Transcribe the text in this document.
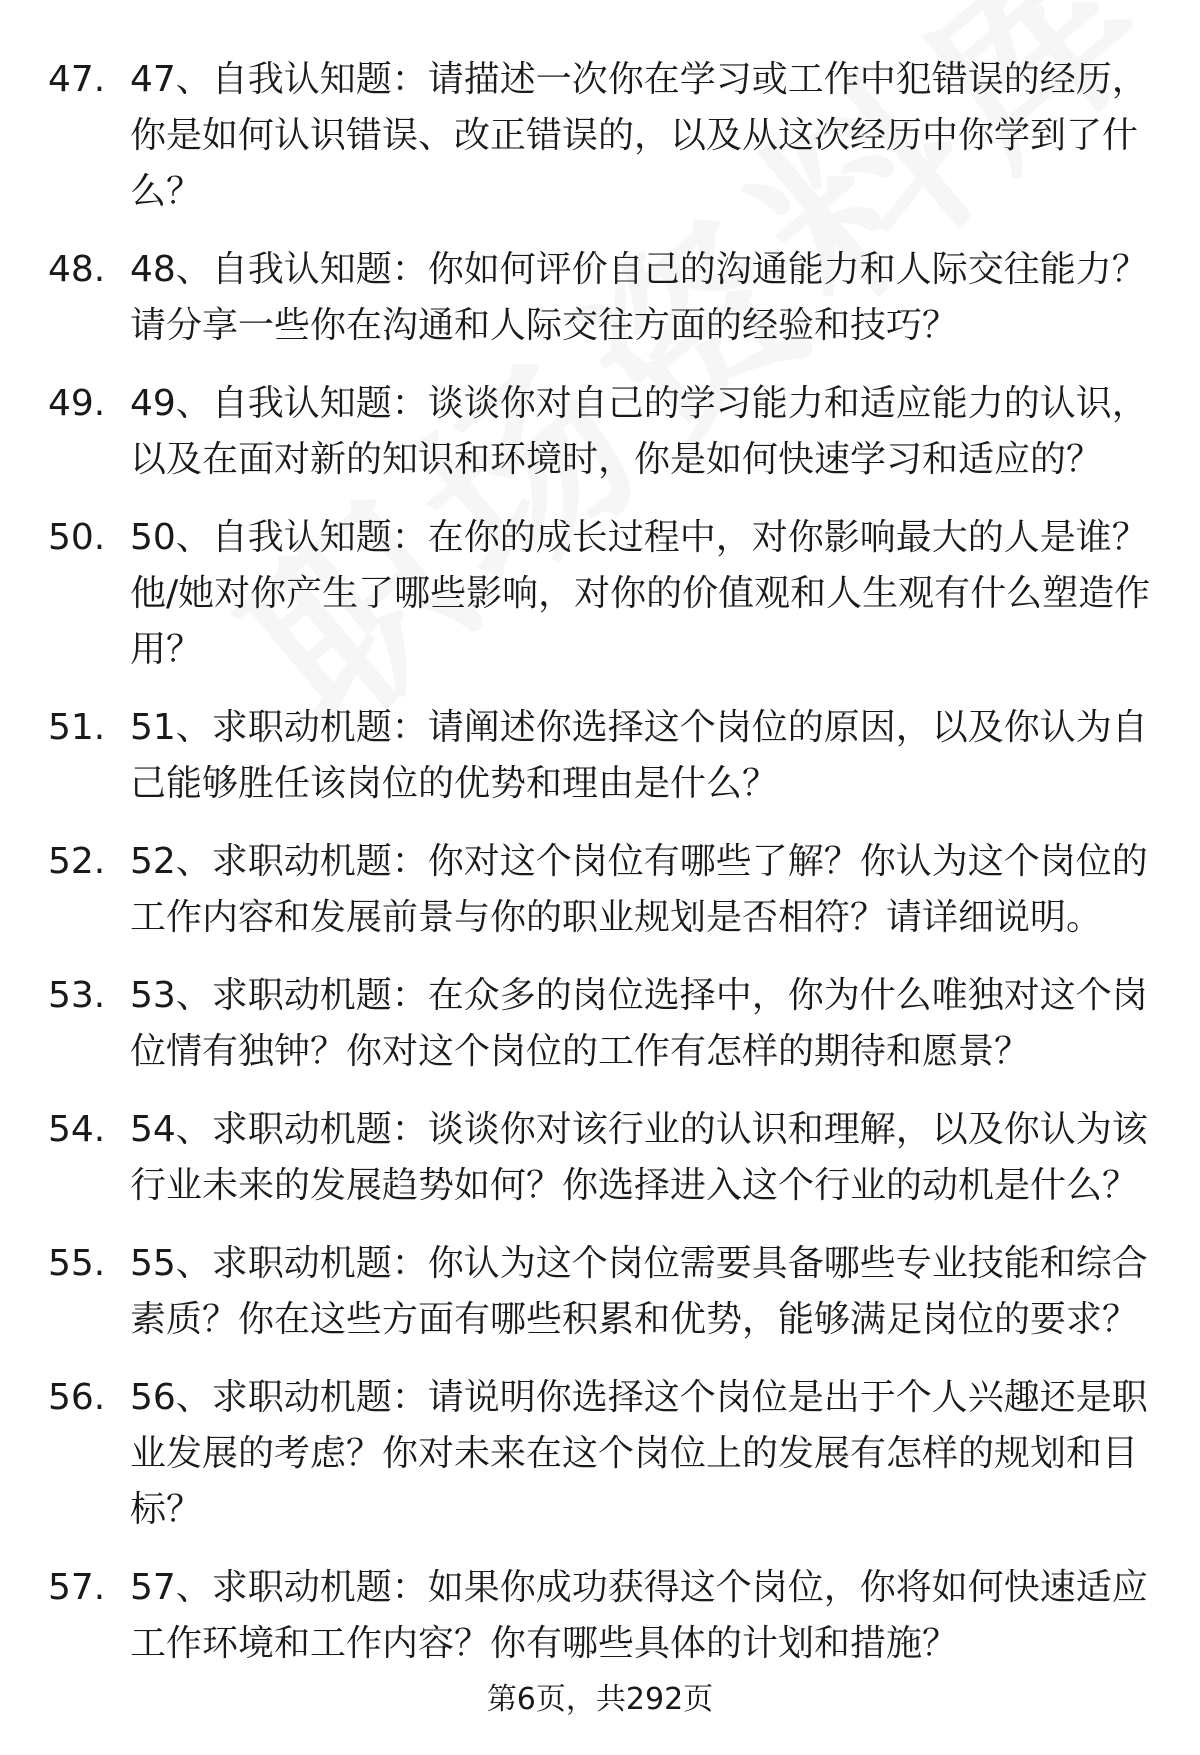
47. 47、自我认知题：请描述一次你在学习或工作中犯错误的经历，你是如何认识错误、改正错误的，以及从这次经历中你学到了什么？
48. 48、自我认知题：你如何评价自己的沟通能力和人际交往能力？请分享一些你在沟通和人际交往方面的经验和技巧？
49. 49、自我认知题：谈谈你对自己的学习能力和适应能力的认识，以及在面对新的知识和环境时，你是如何快速学习和适应的？
50. 50、自我认知题：在你的成长过程中，对你影响最大的人是谁？他/她对你产生了哪些影响，对你的价值观和人生观有什么塑造作用？
51. 51、求职动机题：请阐述你选择这个岗位的原因，以及你认为自己能够胜任该岗位的优势和理由是什么？
52. 52、求职动机题：你对这个岗位有哪些了解？你认为这个岗位的工作内容和发展前景与你的职业规划是否相符？请详细说明。
53. 53、求职动机题：在众多的岗位选择中，你为什么唯独对这个岗位情有独钟？你对这个岗位的工作有怎样的期待和愿景？
54. 54、求职动机题：谈谈你对该行业的认识和理解，以及你认为该行业未来的发展趋势如何？你选择进入这个行业的动机是什么？
55. 55、求职动机题：你认为这个岗位需要具备哪些专业技能和综合素质？你在这些方面有哪些积累和优势，能够满足岗位的要求？
56. 56、求职动机题：请说明你选择这个岗位是出于个人兴趣还是职业发展的考虑？你对未来在这个岗位上的发展有怎样的规划和目标？
57. 57、求职动机题：如果你成功获得这个岗位，你将如何快速适应工作环境和工作内容？你有哪些具体的计划和措施？
第6页，共292页
